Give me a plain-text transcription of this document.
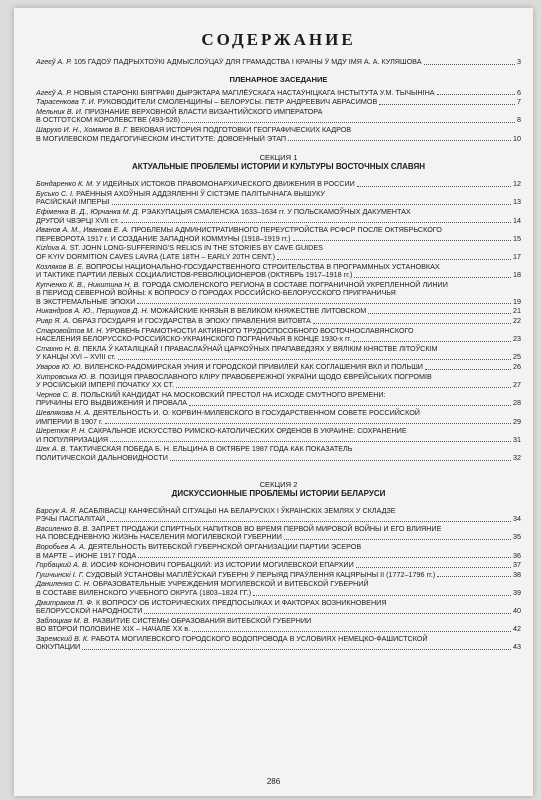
СОДЕРЖАНИЕ
Агеєў А. Р. 105 ГАДОЎ ПАДРЫХТОЎКІ АДМЫСЛОЎЦАЎ ДЛЯ ГРАМАДСТВА І КРАІНЫ Ў МДУ ІМЯ А. А. КУЛЯШОВА	3
ПЛЕНАРНОЕ ЗАСЕДАНИЕ
Агеєў А. Р. НОВЫЯ СТАРОНКІ БІЯГРАФІІ ДЫРЭКТАРА МАГІЛЁЎСКАГА НАСТАЎНІЦКАГА ІНСТЫТУТА У.М. ТЫЧЫНІНА	6
Тарасенкова Т. И. РУКОВОДИТЕЛИ СМОЛЕНЩИНЫ – БЕЛОРУСЫ. ПЕТР АНДРЕЕВИЧ АБРАСИМОВ	7
Мельник В. И. ПРИЗНАНИЕ ВЕРХОВНОЙ ВЛАСТИ ВИЗАНТИЙСКОГО ИМПЕРАТОРА
В ОСТГОТСКОМ КОРОЛЕВСТВЕ (493-526)	8
Шарухо И. Н., Хомяков В. Г. ВЕКОВАЯ ИСТОРИЯ ПОДГОТОВКИ ГЕОГРАФИЧЕСКИХ КАДРОВ
В МОГИЛЕВСКОМ ПЕДАГОГИЧЕСКОМ ИНСТИТУТЕ: ДОВОЕННЫЙ ЭТАП	10
СЕКЦИЯ 1
АКТУАЛЬНЫЕ ПРОБЛЕМЫ ИСТОРИИ И КУЛЬТУРЫ ВОСТОЧНЫХ СЛАВЯН
Бондаренко К. М. У ИДЕЙНЫХ ИСТОКОВ ПРАВОМОНАРХИЧЕСКОГО ДВИЖЕНИЯ В РОССИИ	12
Бусько С. І. РАЁННЫЯ АХОЎНЫЯ АДДЗЯЛЕННІ Ў СІСТЭМЕ ПАЛІТЫЧНАГА ВЫШУКУ
РАСІЙСКАЙ ІМПЕРЫІ	13
Ефіменка В. Д., Юрчанка М. Д. РЭАКУПАЦЫЯ СМАЛЕНСКА 1633–1634 гг. У ПОЛЬСКАМОЎНЫХ ДАКУМЕНТАХ
ДРУГОЙ ЧВЭРЦІ XVII ст.	14
Иванов А. М., Иванова Е. А. ПРОБЛЕМЫ АДМИНИСТРАТИВНОГО ПЕРЕУСТРОЙСТВА РСФСР ПОСЛЕ ОКТЯБРЬСКОГО
ПЕРЕВОРОТА 1917 г. И СОЗДАНИЕ ЗАПАДНОЙ КОММУНЫ (1918–1919 гг.)	15
Kizlova A. ST. JOHN LONG-SUFFERING'S RELICS IN THE STORIES BY CAVE GUIDES
OF KYIV DORMITION CAVES LAVRA (LATE 18TH – EARLY 20TH CENT.)	17
Козляков В. Е. ВОПРОСЫ НАЦИОНАЛЬНО-ГОСУДАРСТВЕННОГО СТРОИТЕЛЬСТВА В ПРОГРАММНЫХ УСТАНОВКАХ
И ТАКТИКЕ ПАРТИИ ЛЕВЫХ СОЦИАЛИСТОВ-РЕВОЛЮЦИОНЕРОВ (ОКТЯБРЬ 1917–1918 гг.)	18
Купченко К. В., Никитина Н. В. ГОРОДА СМОЛЕНСКОГО РЕГИОНА В СОСТАВЕ ПОГРАНИЧНОЙ УКРЕПЛЕННОЙ ЛИНИИ
В ПЕРИОД СЕВЕРНОЙ ВОЙНЫ: К ВОПРОСУ О ГОРОДАХ РОССИЙСКО-БЕЛОРУССКОГО ПРИГРАНИЧЬЯ
В ЭКСТРЕМАЛЬНЫЕ ЭПОХИ	19
Никандров А. Ю., Першуков Д. Н. МОЖАЙСКИЕ КНЯЗЬЯ В ВЕЛИКОМ КНЯЖЕСТВЕ ЛИТОВСКОМ	21
Ривр Я. А. ОБРАЗ ГОСУДАРЯ И ГОСУДАРСТВА В ЭПОХУ ПРАВЛЕНИЯ ВИТОВТА	22
Старовойтов М. Н. УРОВЕНЬ ГРАМОТНОСТИ АКТИВНОГО ТРУДОСПОСОБНОГО ВОСТОЧНОСЛАВЯНСКОГО
НАСЕЛЕНИЯ БЕЛОРУССКО-РОССИЙСКО-УКРАИНСКОГО ПОГРАНИЧЬЯ В КОНЦЕ 1930-х гг.	23
Стахно Н. В. ПЕКЛА Ў КАТАЛІЦКАЙ І ПРАВАСЛАЎНАЙ ЦАРКОЎНЫХ ПРАПАВЕДЗЯХ У ВЯЛІКІМ КНЯСТВЕ ЛІТОЎСКІМ
У КАНЦЫ XVI – XVIII ст.	25
Уваров Ю. Ю. ВИЛЕНСКО-РАДОМИРСКАЯ УНИЯ И ГОРОДСКОЙ ПРИВИЛЕЙ КАК СОГЛАШЕНИЯ ВКЛ И ПОЛЬШИ	26
Хитровська Ю. В. ПОЗИЦІЯ ПРАВОСЛАВНОГО КЛІРУ ПРАВОБЕРЕЖНОЇ УКРАЇНИ ЩОДО ЄВРЕЙСЬКИХ ПОГРОМІВ
У РОСІЙСЬКІЙ ІМПЕРІЇ ПОЧАТКУ XX СТ.	27
Чернов С. В. ПОЛЬСКИЙ КАНДИДАТ НА МОСКОВСКИЙ ПРЕСТОЛ НА ИСХОДЕ СМУТНОГО ВРЕМЕНИ:
ПРИЧИНЫ ЕГО ВЫДВИЖЕНИЯ И ПРОВАЛА	28
Шевлякова Н. А. ДЕЯТЕЛЬНОСТЬ И. О. КОРВИН-МИЛЕВСКОГО В ГОСУДАРСТВЕННОМ СОВЕТЕ РОССИЙСКОЙ
ИМПЕРИИ В 1907 г.	29
Шеретюк Р. Н. САКРАЛЬНОЕ ИСКУССТВО РИМСКО-КАТОЛИЧЕСКИХ ОРДЕНОВ В УКРАИНЕ: СОХРАНЕНИЕ
И ПОПУЛЯРИЗАЦИЯ	31
Шех А. В. ТАКТИЧЕСКАЯ ПОБЕДА Б. Н. ЕЛЬЦИНА В ОКТЯБРЕ 1987 ГОДА КАК ПОКАЗАТЕЛЬ
ПОЛИТИЧЕСКОЙ ДАЛЬНОВИДНОСТИ	32
СЕКЦИЯ 2
ДИСКУССИОННЫЕ ПРОБЛЕМЫ ИСТОРИИ БЕЛАРУСИ
Барсук А. Я. АСАБЛІВАСЦІ КАНФЕСІЙНАЙ СІТУАЦЫІ НА БЕЛАРУСКІХ І ЎКРАІНСКІХ ЗЕМЛЯХ У СКЛАДЗЕ
РЭЧЫ ПАСПАЛІТАЙ	34
Василенко В. В. ЗАПРЕТ ПРОДАЖИ СПИРТНЫХ НАПИТКОВ ВО ВРЕМЯ ПЕРВОЙ МИРОВОЙ ВОЙНЫ И ЕГО ВЛИЯНИЕ
НА ПОВСЕДНЕВНУЮ ЖИЗНЬ НАСЕЛЕНИЯ МОГИЛЕВСКОЙ ГУБЕРНИИ	35
Воробьев А. А. ДЕЯТЕЛЬНОСТЬ ВИТЕБСКОЙ ГУБЕРНСКОЙ ОРГАНИЗАЦИИ ПАРТИИ ЭСЕРОВ
В МАРТЕ – ИЮНЕ 1917 ГОДА	36
Горбацкий А. В. ИОСИФ КОНОНОВИЧ ГОРБАЦКИЙ: ИЗ ИСТОРИИ МОГИЛЕВСКОЙ ЕПАРХИИ	37
Гушчынскі І. Г. СУДОВЫЙ ЎСТАНОВЫ МАГІЛЁЎСКАЙ ГУБЕРНІ Ў ПЕРЫЯД ПРАЎЛЕННЯ КАЦЯРЫНЫ ІІ (1772–1796 гг.)	38
Даниленко С. Н. ОБРАЗОВАТЕЛЬНЫЕ УЧРЕЖДЕНИЯ МОГИЛЕВСКОЙ И ВИТЕБСКОЙ ГУБЕРНИЙ
В СОСТАВЕ ВИЛЕНСКОГО УЧЕБНОГО ОКРУГА (1803–1824 ГГ.)	39
Дмитраков П. Ф. К ВОПРОСУ ОБ ИСТОРИЧЕСКИХ ПРЕДПОСЫЛКАХ И ФАКТОРАХ ВОЗНИКНОВЕНИЯ
БЕЛОРУССКОЙ НАРОДНОСТИ	40
Заблоцкая М. В. РАЗВИТИЕ СИСТЕМЫ ОБРАЗОВАНИЯ ВИТЕБСКОЙ ГУБЕРНИИ
ВО ВТОРОЙ ПОЛОВИНЕ XIX – НАЧАЛЕ XX в.	42
Заремский В. К. РАБОТА МОГИЛЕВСКОГО ГОРОДСКОГО ВОДОПРОВОДА В УСЛОВИЯХ НЕМЕЦКО-ФАШИСТСКОЙ
ОККУПАЦИИ	43
286
